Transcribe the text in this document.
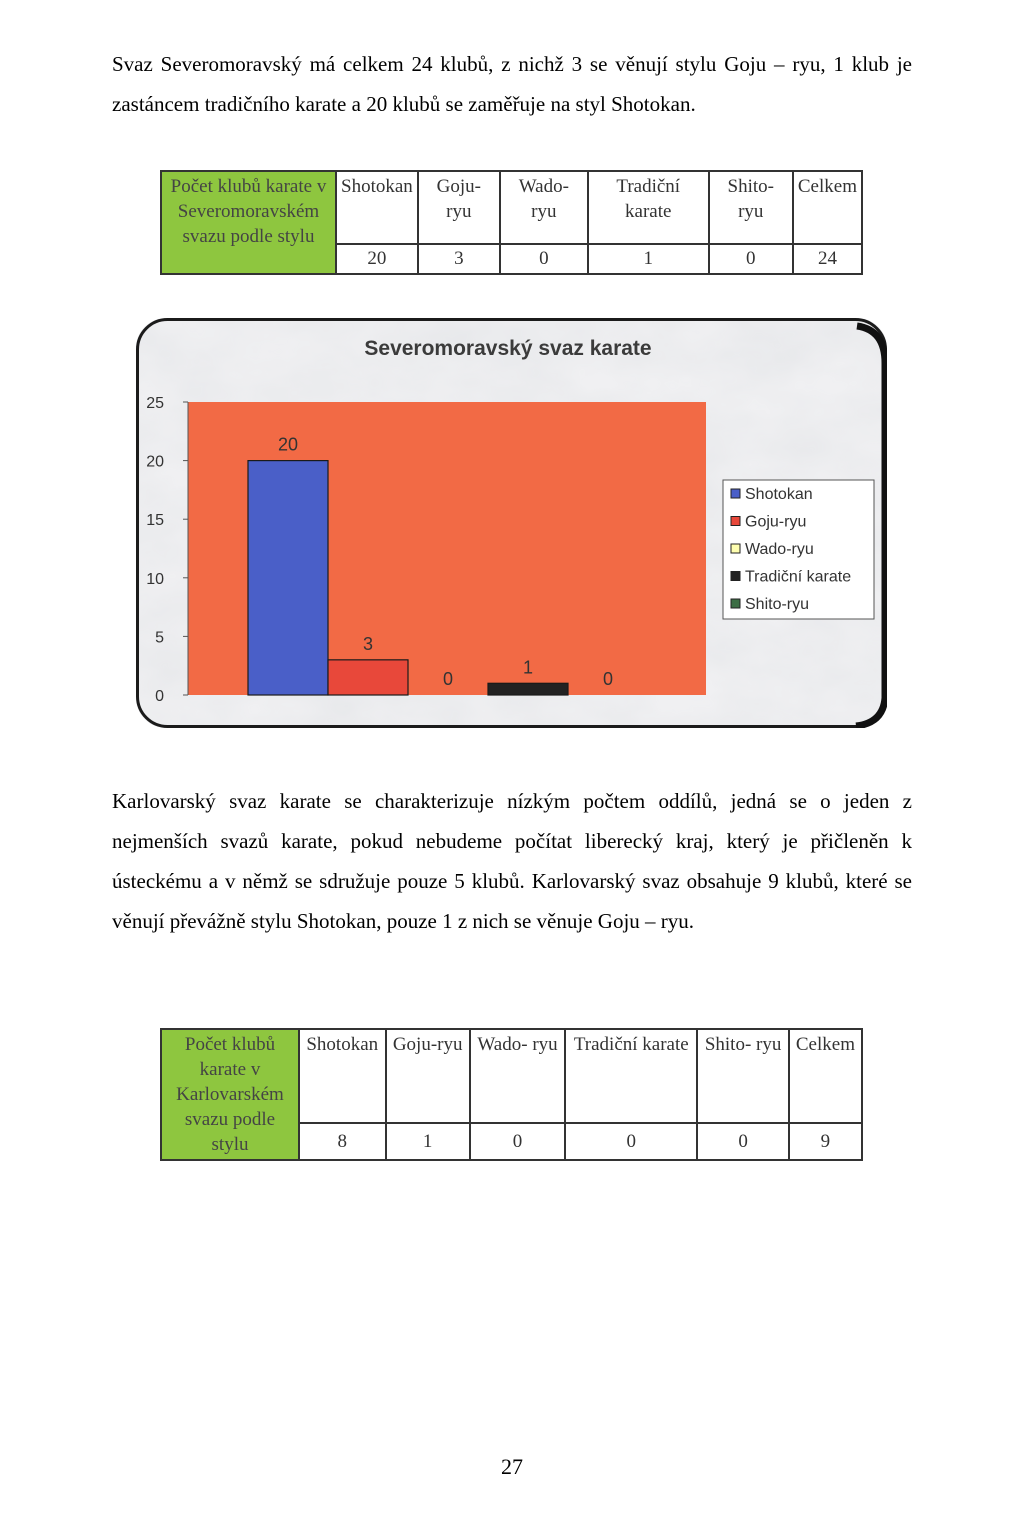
Svaz Severomoravský má celkem 24 klubů, z nichž 3 se věnují stylu Goju – ryu, 1 klub je zastáncem tradičního karate a 20 klubů se zaměřuje na styl Shotokan.

Počet klubů karate v Severomoravském svazu podle stylu	Shotokan	Goju- ryu	Wado- ryu	Tradiční karate	Shito- ryu	Celkem
	20	3	0	1	0	24
Severomoravský svaz karate
0
5
10
15
20
25
20
3
0
1
0
Shotokan
Goju-ryu
Wado-ryu
Tradiční karate
Shito-ryu

Karlovarský svaz karate se charakterizuje nízkým počtem oddílů, jedná se o jeden z nejmenších svazů karate, pokud nebudeme počítat liberecký kraj, který je přičleněn k ústeckému a v němž se sdružuje pouze 5 klubů. Karlovarský svaz obsahuje 9 klubů, které se věnují převážně stylu Shotokan, pouze 1 z nich se věnuje Goju – ryu.

Počet klubů karate v Karlovarském svazu podle stylu	Shotokan	Goju-ryu	Wado- ryu	Tradiční karate	Shito- ryu	Celkem
	8	1	0	0	0	9
27
